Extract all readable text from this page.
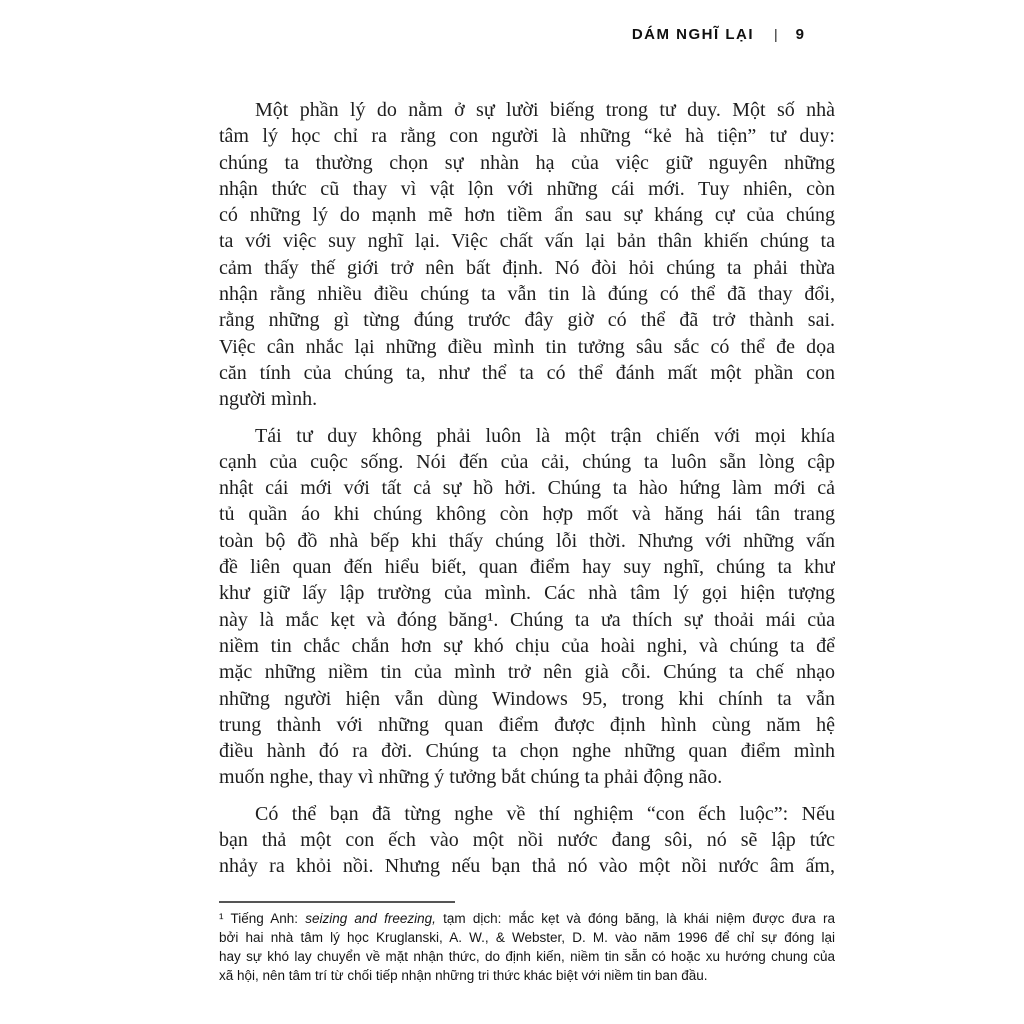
DÁM NGHĨ LẠI | 9
Một phần lý do nằm ở sự lười biếng trong tư duy. Một số nhà
tâm lý học chỉ ra rằng con người là những “kẻ hà tiện” tư duy:
chúng ta thường chọn sự nhàn hạ của việc giữ nguyên những
nhận thức cũ thay vì vật lộn với những cái mới. Tuy nhiên, còn
có những lý do mạnh mẽ hơn tiềm ẩn sau sự kháng cự của chúng
ta với việc suy nghĩ lại. Việc chất vấn lại bản thân khiến chúng ta
cảm thấy thế giới trở nên bất định. Nó đòi hỏi chúng ta phải thừa
nhận rằng nhiều điều chúng ta vẫn tin là đúng có thể đã thay đổi,
rằng những gì từng đúng trước đây giờ có thể đã trở thành sai.
Việc cân nhắc lại những điều mình tin tưởng sâu sắc có thể đe dọa
căn tính của chúng ta, như thể ta có thể đánh mất một phần con
người mình.
Tái tư duy không phải luôn là một trận chiến với mọi khía
cạnh của cuộc sống. Nói đến của cải, chúng ta luôn sẵn lòng cập
nhật cái mới với tất cả sự hồ hởi. Chúng ta hào hứng làm mới cả
tủ quần áo khi chúng không còn hợp mốt và hăng hái tân trang
toàn bộ đồ nhà bếp khi thấy chúng lỗi thời. Nhưng với những vấn
đề liên quan đến hiểu biết, quan điểm hay suy nghĩ, chúng ta khư
khư giữ lấy lập trường của mình. Các nhà tâm lý gọi hiện tượng
này là mắc kẹt và đóng băng¹. Chúng ta ưa thích sự thoải mái của
niềm tin chắc chắn hơn sự khó chịu của hoài nghi, và chúng ta để
mặc những niềm tin của mình trở nên già cỗi. Chúng ta chế nhạo
những người hiện vẫn dùng Windows 95, trong khi chính ta vẫn
trung thành với những quan điểm được định hình cùng năm hệ
điều hành đó ra đời. Chúng ta chọn nghe những quan điểm mình
muốn nghe, thay vì những ý tưởng bắt chúng ta phải động não.
Có thể bạn đã từng nghe về thí nghiệm “con ếch luộc”: Nếu
bạn thả một con ếch vào một nồi nước đang sôi, nó sẽ lập tức
nhảy ra khỏi nồi. Nhưng nếu bạn thả nó vào một nồi nước âm ấm,
¹ Tiếng Anh: seizing and freezing, tạm dịch: mắc kẹt và đóng băng, là khái niệm được đưa ra
bởi hai nhà tâm lý học Kruglanski, A. W., & Webster, D. M. vào năm 1996 để chỉ sự đóng lại
hay sự khó lay chuyển về mặt nhận thức, do định kiến, niềm tin sẵn có hoặc xu hướng chung của
xã hội, nên tâm trí từ chối tiếp nhận những tri thức khác biệt với niềm tin ban đầu.
